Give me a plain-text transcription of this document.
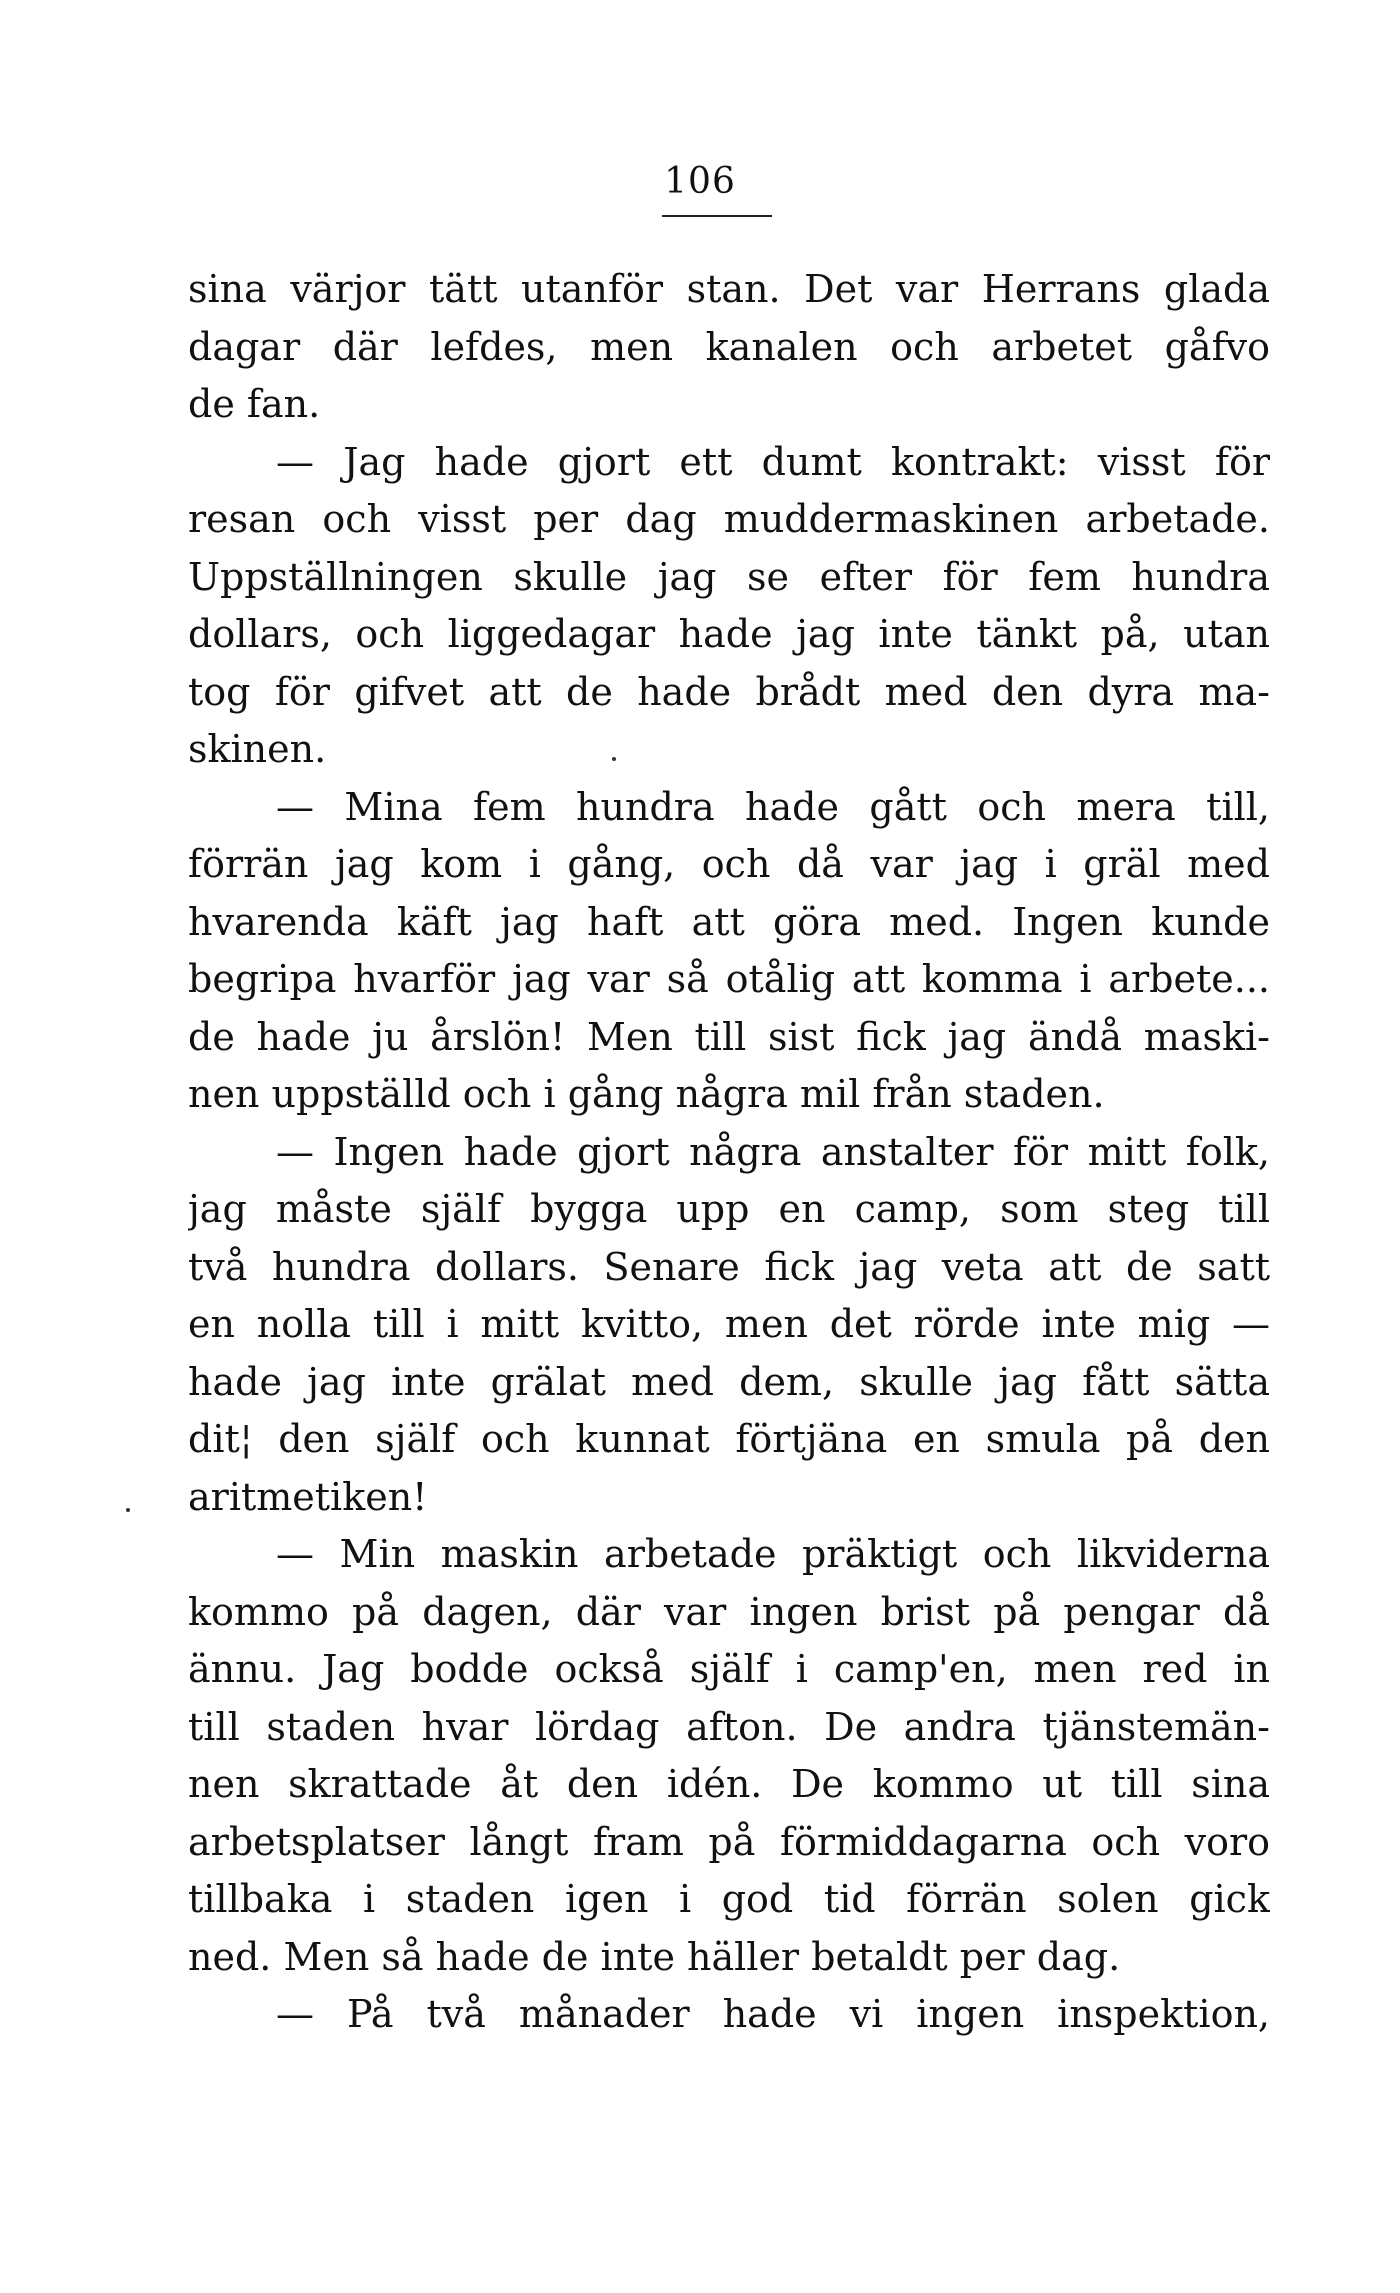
106
sina värjor tätt utanför stan. Det var Herrans glada
dagar där lefdes, men kanalen och arbetet gåfvo
de fan.
— Jag hade gjort ett dumt kontrakt: visst för
resan och visst per dag muddermaskinen arbetade.
Uppställningen skulle jag se efter för fem hundra
dollars, och liggedagar hade jag inte tänkt på, utan
tog för gifvet att de hade brådt med den dyra ma-
skinen.
— Mina fem hundra hade gått och mera till,
förrän jag kom i gång, och då var jag i gräl med
hvarenda käft jag haft att göra med. Ingen kunde
begripa hvarför jag var så otålig att komma i arbete...
de hade ju årslön! Men till sist fick jag ändå maski-
nen uppställd och i gång några mil från staden.
— Ingen hade gjort några anstalter för mitt folk,
jag måste själf bygga upp en camp, som steg till
två hundra dollars. Senare fick jag veta att de satt
en nolla till i mitt kvitto, men det rörde inte mig —
hade jag inte grälat med dem, skulle jag fått sätta
dit¦ den själf och kunnat förtjäna en smula på den
aritmetiken!
— Min maskin arbetade präktigt och likviderna
kommo på dagen, där var ingen brist på pengar då
ännu. Jag bodde också själf i camp'en, men red in
till staden hvar lördag afton. De andra tjänstemän-
nen skrattade åt den idén. De kommo ut till sina
arbetsplatser långt fram på förmiddagarna och voro
tillbaka i staden igen i god tid förrän solen gick
ned. Men så hade de inte häller betaldt per dag.
— På två månader hade vi ingen inspektion,
